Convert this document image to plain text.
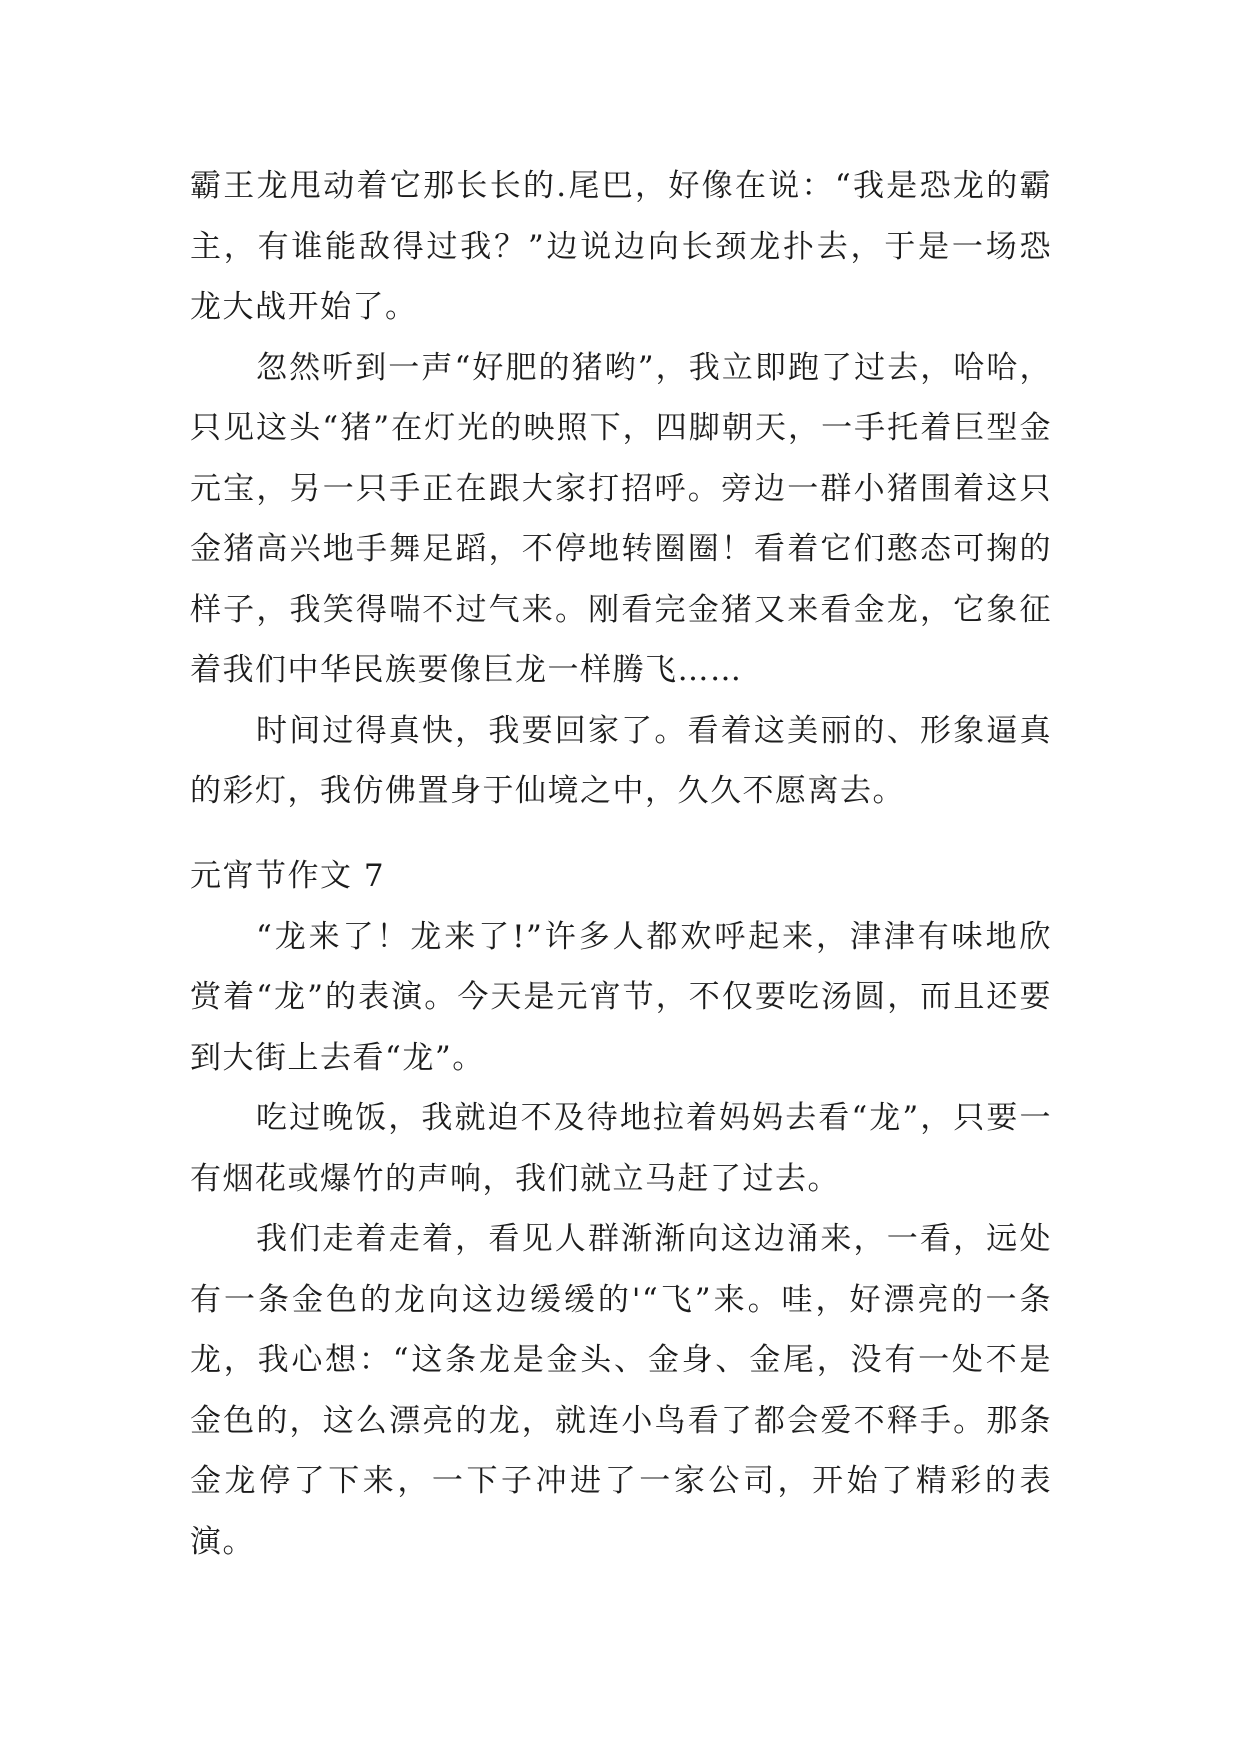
霸王龙甩动着它那长长的.尾巴，好像在说：“我是恐龙的霸主，有谁能敌得过我？”边说边向长颈龙扑去，于是一场恐龙大战开始了。

忽然听到一声“好肥的猪哟”，我立即跑了过去，哈哈，只见这头“猪”在灯光的映照下，四脚朝天，一手托着巨型金元宝，另一只手正在跟大家打招呼。旁边一群小猪围着这只金猪高兴地手舞足蹈，不停地转圈圈！看着它们憨态可掬的样子，我笑得喘不过气来。刚看完金猪又来看金龙，它象征着我们中华民族要像巨龙一样腾飞……

时间过得真快，我要回家了。看着这美丽的、形象逼真的彩灯，我仿佛置身于仙境之中，久久不愿离去。

元宵节作文 7

“龙来了！龙来了!”许多人都欢呼起来，津津有味地欣赏着“龙”的表演。今天是元宵节，不仅要吃汤圆，而且还要到大街上去看“龙”。

吃过晚饭，我就迫不及待地拉着妈妈去看“龙”，只要一有烟花或爆竹的声响，我们就立马赶了过去。

我们走着走着，看见人群渐渐向这边涌来，一看，远处有一条金色的龙向这边缓缓的'“飞”来。哇，好漂亮的一条龙，我心想：“这条龙是金头、金身、金尾，没有一处不是金色的，这么漂亮的龙，就连小鸟看了都会爱不释手。那条金龙停了下来，一下子冲进了一家公司，开始了精彩的表演。
